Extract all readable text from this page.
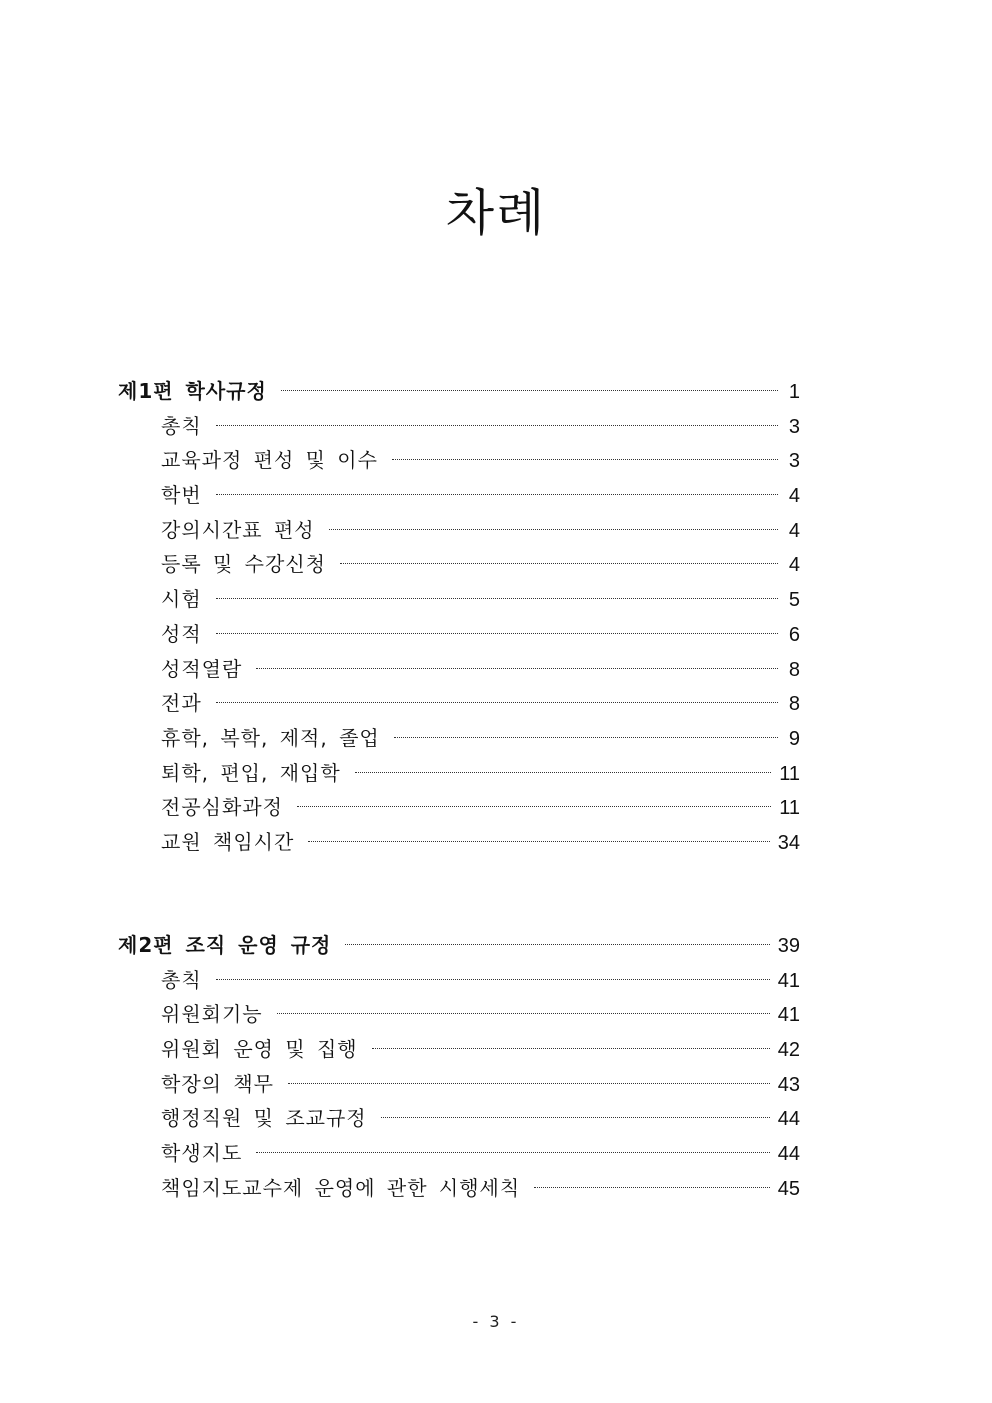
차례
제1편 학사규정	1
총칙	3
교육과정 편성 및 이수	3
학번	4
강의시간표 편성	4
등록 및 수강신청	4
시험	5
성적	6
성적열람	8
전과	8
휴학, 복학, 제적, 졸업	9
퇴학, 편입, 재입학	11
전공심화과정	11
교원 책임시간	34
제2편 조직 운영 규정	39
총칙	41
위원회기능	41
위원회 운영 및 집행	42
학장의 책무	43
행정직원 및 조교규정	44
학생지도	44
책임지도교수제 운영에 관한 시행세칙	45
- 3 -
